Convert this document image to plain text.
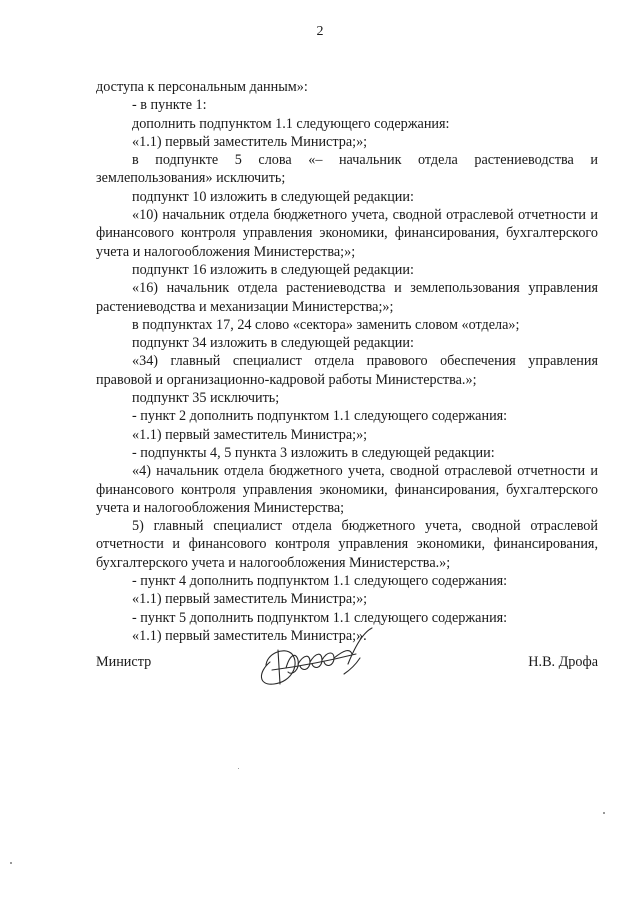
2

доступа к персональным данным»:

- в пункте 1:

дополнить подпунктом 1.1 следующего содержания:

«1.1) первый заместитель Министра;»;

в подпункте 5 слова «– начальник отдела растениеводства и землепользования» исключить;

подпункт 10 изложить в следующей редакции:

«10) начальник отдела бюджетного учета, сводной отраслевой отчетности и финансового контроля управления экономики, финансирования, бухгалтерского учета и налогообложения Министерства;»;

подпункт 16 изложить в следующей редакции:

«16) начальник отдела растениеводства и землепользования управления растениеводства и механизации Министерства;»;

в подпунктах 17, 24 слово «сектора» заменить словом «отдела»;

подпункт 34 изложить в следующей редакции:

«34) главный специалист отдела правового обеспечения управления правовой и организационно-кадровой работы Министерства.»;

подпункт 35 исключить;

- пункт 2 дополнить подпунктом 1.1 следующего содержания:

«1.1) первый заместитель Министра;»;

- подпункты 4, 5 пункта 3 изложить в следующей редакции:

«4) начальник отдела бюджетного учета, сводной отраслевой отчетности и финансового контроля управления экономики, финансирования, бухгалтерского учета и налогообложения Министерства;

5) главный специалист отдела бюджетного учета, сводной отраслевой отчетности и финансового контроля управления экономики, финансирования, бухгалтерского учета и налогообложения Министерства.»;

- пункт 4 дополнить подпунктом 1.1 следующего содержания:

«1.1) первый заместитель Министра;»;

- пункт 5 дополнить подпунктом 1.1 следующего содержания:

«1.1) первый заместитель Министра;».

Министр	Н.В. Дрофа
